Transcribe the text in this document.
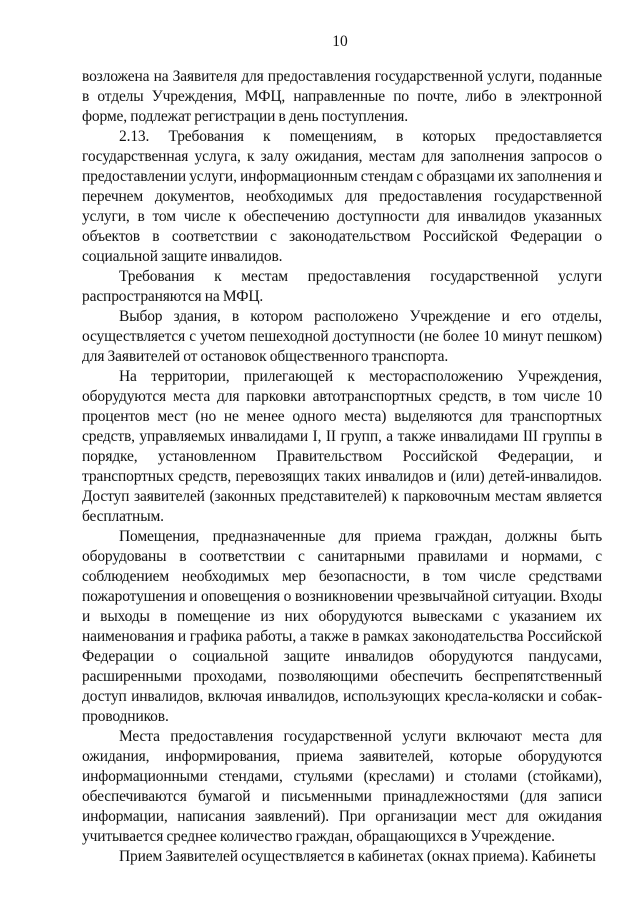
10

возложена на Заявителя для предоставления государственной услуги, поданные в отделы Учреждения, МФЦ, направленные по почте, либо в электронной форме, подлежат регистрации в день поступления.

2.13. Требования к помещениям, в которых предоставляется государственная услуга, к залу ожидания, местам для заполнения запросов о предоставлении услуги, информационным стендам с образцами их заполнения и перечнем документов, необходимых для предоставления государственной услуги, в том числе к обеспечению доступности для инвалидов указанных объектов в соответствии с законодательством Российской Федерации о социальной защите инвалидов.

Требования к местам предоставления государственной услуги распространяются на МФЦ.

Выбор здания, в котором расположено Учреждение и его отделы, осуществляется с учетом пешеходной доступности (не более 10 минут пешком) для Заявителей от остановок общественного транспорта.

На территории, прилегающей к месторасположению Учреждения, оборудуются места для парковки автотранспортных средств, в том числе 10 процентов мест (но не менее одного места) выделяются для транспортных средств, управляемых инвалидами I, II групп, а также инвалидами III группы в порядке, установленном Правительством Российской Федерации, и транспортных средств, перевозящих таких инвалидов и (или) детей-инвалидов. Доступ заявителей (законных представителей) к парковочным местам является бесплатным.

Помещения, предназначенные для приема граждан, должны быть оборудованы в соответствии с санитарными правилами и нормами, с соблюдением необходимых мер безопасности, в том числе средствами пожаротушения и оповещения о возникновении чрезвычайной ситуации. Входы и выходы в помещение из них оборудуются вывесками с указанием их наименования и графика работы, а также в рамках законодательства Российской Федерации о социальной защите инвалидов оборудуются пандусами, расширенными проходами, позволяющими обеспечить беспрепятственный доступ инвалидов, включая инвалидов, использующих кресла-коляски и собак-проводников.

Места предоставления государственной услуги включают места для ожидания, информирования, приема заявителей, которые оборудуются информационными стендами, стульями (креслами) и столами (стойками), обеспечиваются бумагой и письменными принадлежностями (для записи информации, написания заявлений). При организации мест для ожидания учитывается среднее количество граждан, обращающихся в Учреждение.

Прием Заявителей осуществляется в кабинетах (окнах приема). Кабинеты
